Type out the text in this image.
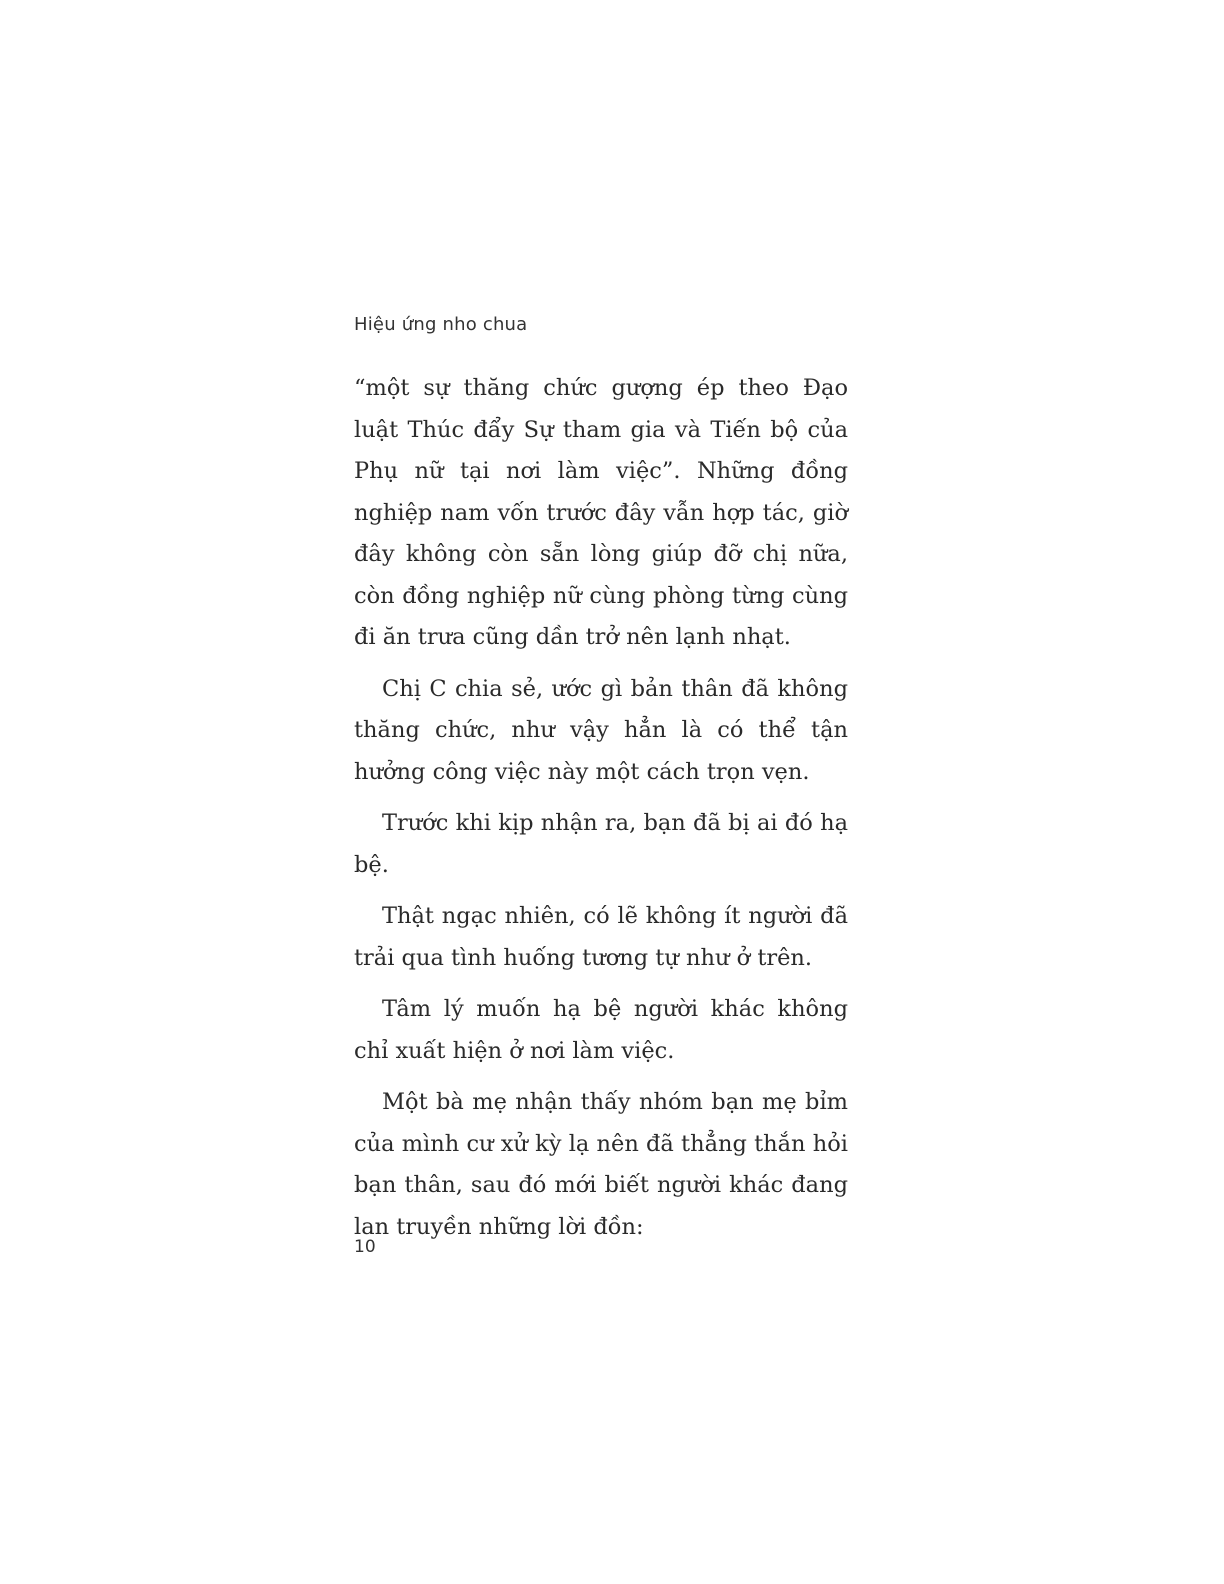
Hiệu ứng nho chua

“một sự thăng chức gượng ép theo Đạo luật Thúc đẩy Sự tham gia và Tiến bộ của Phụ nữ tại nơi làm việc”. Những đồng nghiệp nam vốn trước đây vẫn hợp tác, giờ đây không còn sẵn lòng giúp đỡ chị nữa, còn đồng nghiệp nữ cùng phòng từng cùng đi ăn trưa cũng dần trở nên lạnh nhạt.

Chị C chia sẻ, ước gì bản thân đã không thăng chức, như vậy hẳn là có thể tận hưởng công việc này một cách trọn vẹn.

Trước khi kịp nhận ra, bạn đã bị ai đó hạ bệ.

Thật ngạc nhiên, có lẽ không ít người đã trải qua tình huống tương tự như ở trên.

Tâm lý muốn hạ bệ người khác không chỉ xuất hiện ở nơi làm việc.

Một bà mẹ nhận thấy nhóm bạn mẹ bỉm của mình cư xử kỳ lạ nên đã thẳng thắn hỏi bạn thân, sau đó mới biết người khác đang lan truyền những lời đồn:

10
